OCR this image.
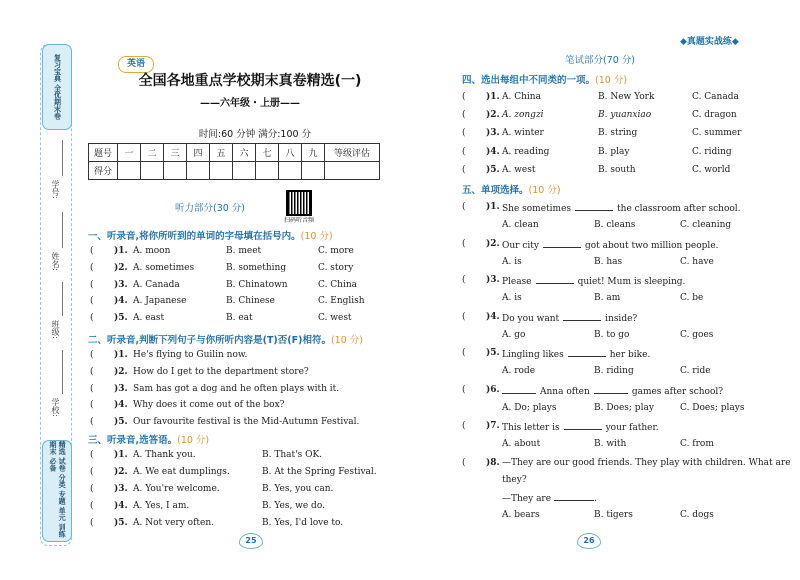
复习宝典 全优期末卷
精选 试卷 分类 专题 单元 训练 期末 必备
学号:
姓名:
班级:
学校:
◆真题实战练◆
英语
全国各地重点学校期末真卷精选(一)
——六年级・上册——
时间:60 分钟 满分:100 分
题号	一	二	三	四	五	六	七	八	九	等级评估
得分										
扫码听音频
听力部分(30 分)
一、听录音,将你所听到的单词的字母填在括号内。(10 分)
( )1. A. moon	B. meet	C. more
( )2. A. sometimes	B. something	C. story
( )3. A. Canada	B. Chinatown	C. China
( )4. A. Japanese	B. Chinese	C. English
( )5. A. east	B. eat	C. west
二、听录音,判断下列句子与你所听内容是(T)否(F)相符。(10 分)
( )1. He's flying to Guilin now.
( )2. How do I get to the department store?
( )3. Sam has got a dog and he often plays with it.
( )4. Why does it come out of the box?
( )5. Our favourite festival is the Mid-Autumn Festival.
三、听录音,选答语。(10 分)
( )1. A. Thank you.	B. That's OK.
( )2. A. We eat dumplings.	B. At the Spring Festival.
( )3. A. You're welcome.	B. Yes, you can.
( )4. A. Yes, I am.	B. Yes, we do.
( )5. A. Not very often.	B. Yes, I'd love to.
笔试部分(70 分)
四、选出每组中不同类的一项。(10 分)
( )1. A. China	B. New York	C. Canada
( )2. A. zongzi	B. yuanxiao	C. dragon
( )3. A. winter	B. string	C. summer
( )4. A. reading	B. play	C. riding
( )5. A. west	B. south	C. world
五、单项选择。(10 分)
( )1. She sometimes	the classroom after school.
A. clean	B. cleans	C. cleaning
( )2. Our city	got about two million people.
A. is	B. has	C. have
( )3. Please	quiet! Mum is sleeping.
A. is	B. am	C. be
( )4. Do you want	inside?
A. go	B. to go	C. goes
( )5. Lingling likes	her bike.
A. rode	B. riding	C. ride
( )6.	Anna often	games after school?
A. Do; plays	B. Does; play	C. Does; plays
( )7. This letter is	your father.
A. about	B. with	C. from
( )8. —They are our good friends. They play with children. What are
they?
—They are	.
A. bears	B. tigers	C. dogs
25	26
